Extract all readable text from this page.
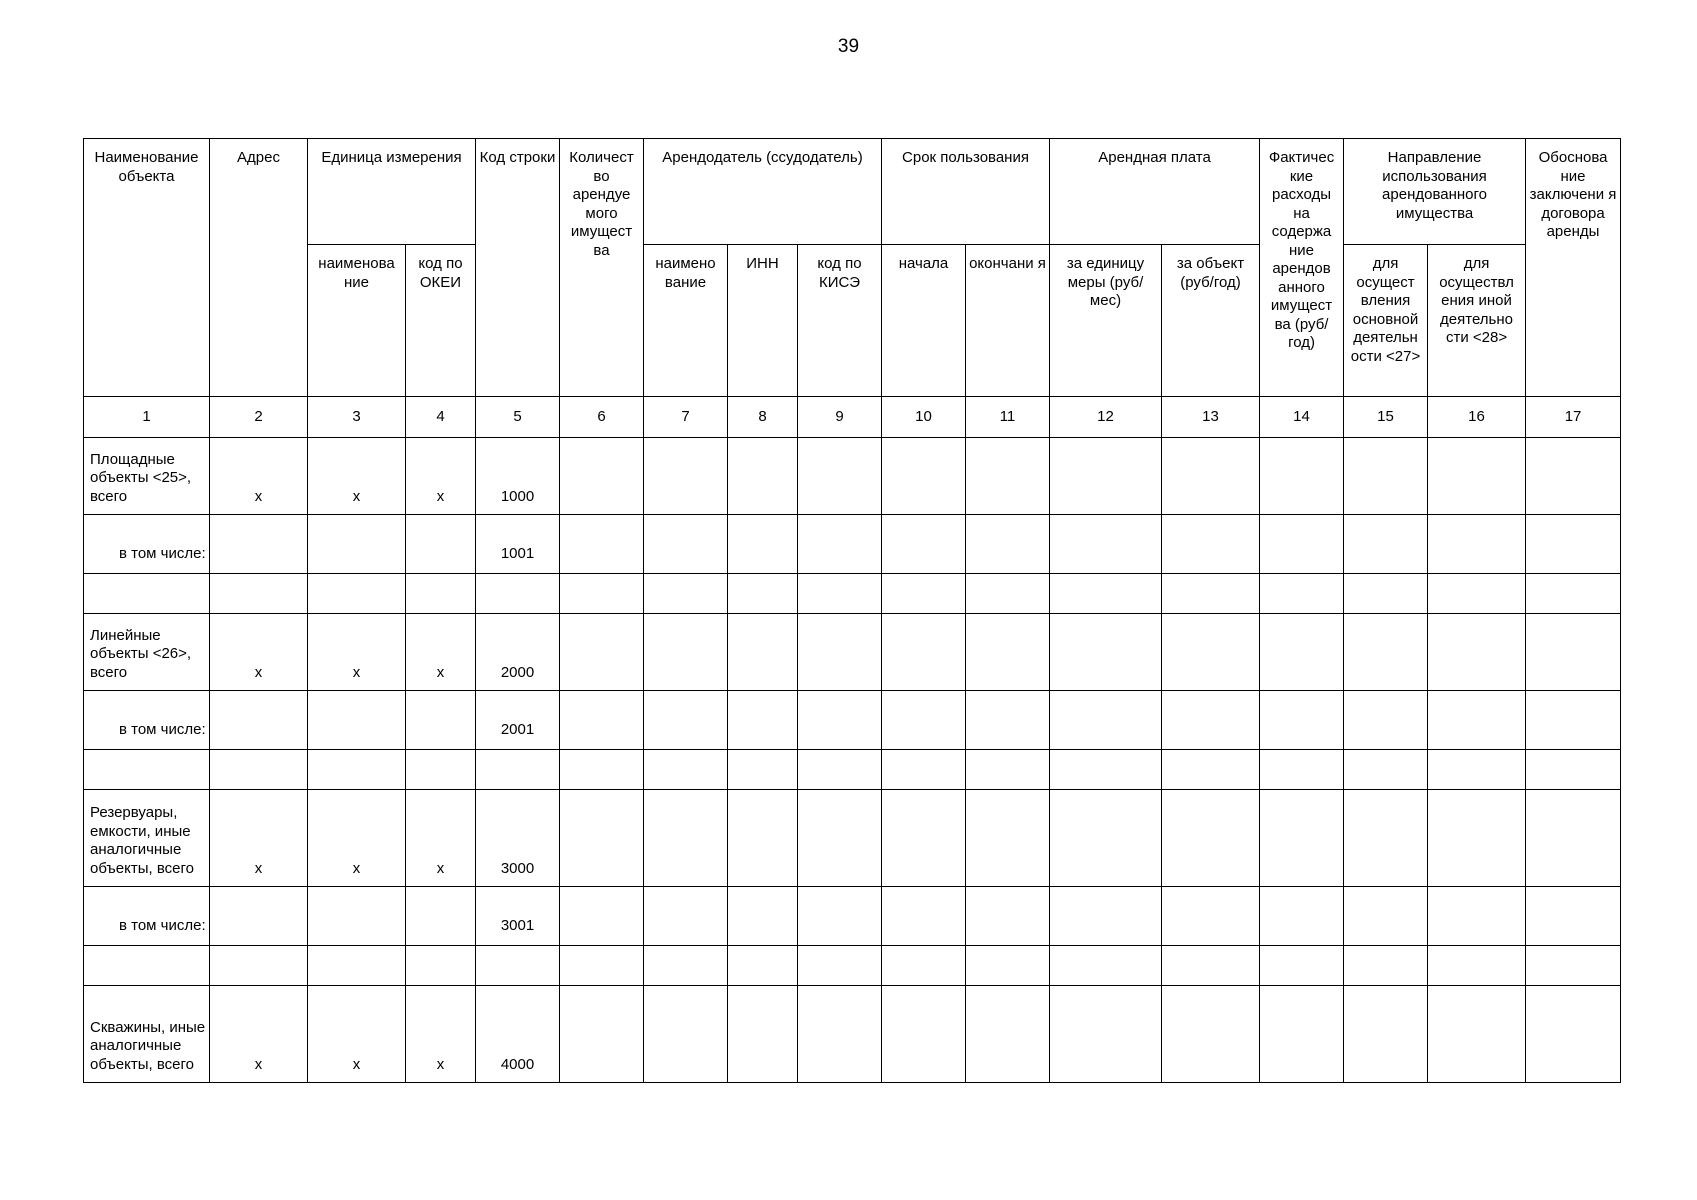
39
Наименование объекта	Адрес	Единица измерения		Код строки	Количест во арендуе мого имущест ва	Арендодатель (ссудодатель)			Срок пользования		Арендная плата		Фактичес кие расходы на содержа ние арендов анного имущест ва (руб/год)	Направление использования арендованного имущества		Обоснова ние заключени я договора аренды
		наименова ние	код по ОКЕИ			наимено вание	ИНН	код по КИСЭ	начала	окончани я	за единицу меры (руб/мес)	за объект (руб/год)		для осущест вления основной деятельн ости <27>	для осуществл ения иной деятельно сти <28>	
1	2	3	4	5	6	7	8	9	10	11	12	13	14	15	16	17
Площадные объекты <25>, всего	x	x	x	1000												
в том числе:				1001												

Линейные объекты <26>, всего	x	x	x	2000												
в том числе:				2001												

Резервуары, емкости, иные аналогичные объекты, всего	x	x	x	3000												
в том числе:				3001												

Скважины, иные аналогичные объекты, всего	x	x	x	4000												
